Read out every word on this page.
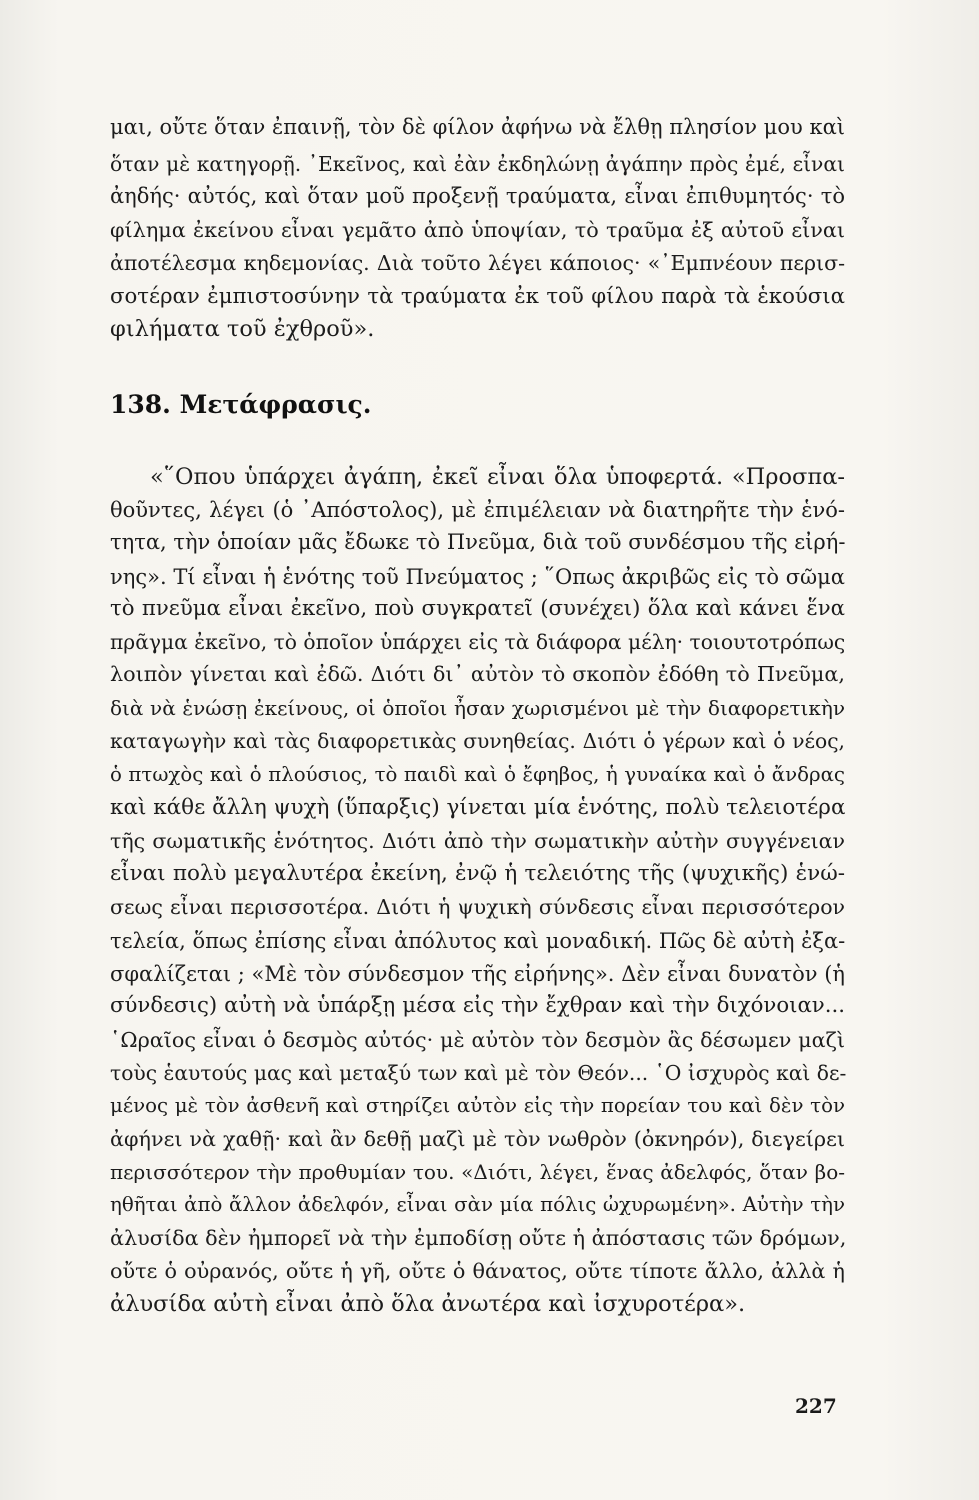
μαι, οὔτε ὅταν ἐπαινῇ, τὸν δὲ φίλον ἀφήνω νὰ ἔλθῃ πλησίον μου καὶ
ὅταν μὲ κατηγορῇ. ᾿Εκεῖνος, καὶ ἐὰν ἐκδηλώνῃ ἀγάπην πρὸς ἐμέ, εἶναι
ἀηδής· αὐτός, καὶ ὅταν μοῦ προξενῇ τραύματα, εἶναι ἐπιθυμητός· τὸ
φίλημα ἐκείνου εἶναι γεμᾶτο ἀπὸ ὑποψίαν, τὸ τραῦμα ἐξ αὐτοῦ εἶναι
ἀποτέλεσμα κηδεμονίας. Διὰ τοῦτο λέγει κάποιος· «᾿Εμπνέουν περισ-
σοτέραν ἐμπιστοσύνην τὰ τραύματα ἐκ τοῦ φίλου παρὰ τὰ ἑκούσια
φιλήματα τοῦ ἐχθροῦ».
138. Μετάφρασις.
«῞Οπου ὑπάρχει ἀγάπη, ἐκεῖ εἶναι ὅλα ὑποφερτά. «Προσπα-
θοῦντες, λέγει (ὁ ᾿Απόστολος), μὲ ἐπιμέλειαν νὰ διατηρῆτε τὴν ἑνό-
τητα, τὴν ὁποίαν μᾶς ἔδωκε τὸ Πνεῦμα, διὰ τοῦ συνδέσμου τῆς εἰρή-
νης». Τί εἶναι ἡ ἑνότης τοῦ Πνεύματος ; ῞Οπως ἀκριβῶς εἰς τὸ σῶμα
τὸ πνεῦμα εἶναι ἐκεῖνο, ποὺ συγκρατεῖ (συνέχει) ὅλα καὶ κάνει ἕνα
πρᾶγμα ἐκεῖνο, τὸ ὁποῖον ὑπάρχει εἰς τὰ διάφορα μέλη· τοιουτοτρόπως
λοιπὸν γίνεται καὶ ἐδῶ. Διότι δι᾿ αὐτὸν τὸ σκοπὸν ἐδόθη τὸ Πνεῦμα,
διὰ νὰ ἑνώσῃ ἐκείνους, οἱ ὁποῖοι ἦσαν χωρισμένοι μὲ τὴν διαφορετικὴν
καταγωγὴν καὶ τὰς διαφορετικὰς συνηθείας. Διότι ὁ γέρων καὶ ὁ νέος,
ὁ πτωχὸς καὶ ὁ πλούσιος, τὸ παιδὶ καὶ ὁ ἔφηβος, ἡ γυναίκα καὶ ὁ ἄνδρας
καὶ κάθε ἄλλη ψυχὴ (ὕπαρξις) γίνεται μία ἑνότης, πολὺ τελειοτέρα
τῆς σωματικῆς ἑνότητος. Διότι ἀπὸ τὴν σωματικὴν αὐτὴν συγγένειαν
εἶναι πολὺ μεγαλυτέρα ἐκείνη, ἐνῷ ἡ τελειότης τῆς (ψυχικῆς) ἑνώ-
σεως εἶναι περισσοτέρα. Διότι ἡ ψυχικὴ σύνδεσις εἶναι περισσότερον
τελεία, ὅπως ἐπίσης εἶναι ἀπόλυτος καὶ μοναδική. Πῶς δὲ αὐτὴ ἐξα-
σφαλίζεται ; «Μὲ τὸν σύνδεσμον τῆς εἰρήνης». Δὲν εἶναι δυνατὸν (ἡ
σύνδεσις) αὐτὴ νὰ ὑπάρξῃ μέσα εἰς τὴν ἔχθραν καὶ τὴν διχόνοιαν...
῾Ωραῖος εἶναι ὁ δεσμὸς αὐτός· μὲ αὐτὸν τὸν δεσμὸν ἂς δέσωμεν μαζὶ
τοὺς ἑαυτούς μας καὶ μεταξύ των καὶ μὲ τὸν Θεόν... ῾Ο ἰσχυρὸς καὶ δε-
μένος μὲ τὸν ἀσθενῆ καὶ στηρίζει αὐτὸν εἰς τὴν πορείαν του καὶ δὲν τὸν
ἀφήνει νὰ χαθῇ· καὶ ἂν δεθῇ μαζὶ μὲ τὸν νωθρὸν (ὀκνηρόν), διεγείρει
περισσότερον τὴν προθυμίαν του. «Διότι, λέγει, ἕνας ἀδελφός, ὅταν βο-
ηθῆται ἀπὸ ἄλλον ἀδελφόν, εἶναι σὰν μία πόλις ὠχυρωμένη». Αὐτὴν τὴν
ἀλυσίδα δὲν ἠμπορεῖ νὰ τὴν ἐμποδίσῃ οὔτε ἡ ἀπόστασις τῶν δρόμων,
οὔτε ὁ οὐρανός, οὔτε ἡ γῆ, οὔτε ὁ θάνατος, οὔτε τίποτε ἄλλο, ἀλλὰ ἡ
ἀλυσίδα αὐτὴ εἶναι ἀπὸ ὅλα ἀνωτέρα καὶ ἰσχυροτέρα».
227
